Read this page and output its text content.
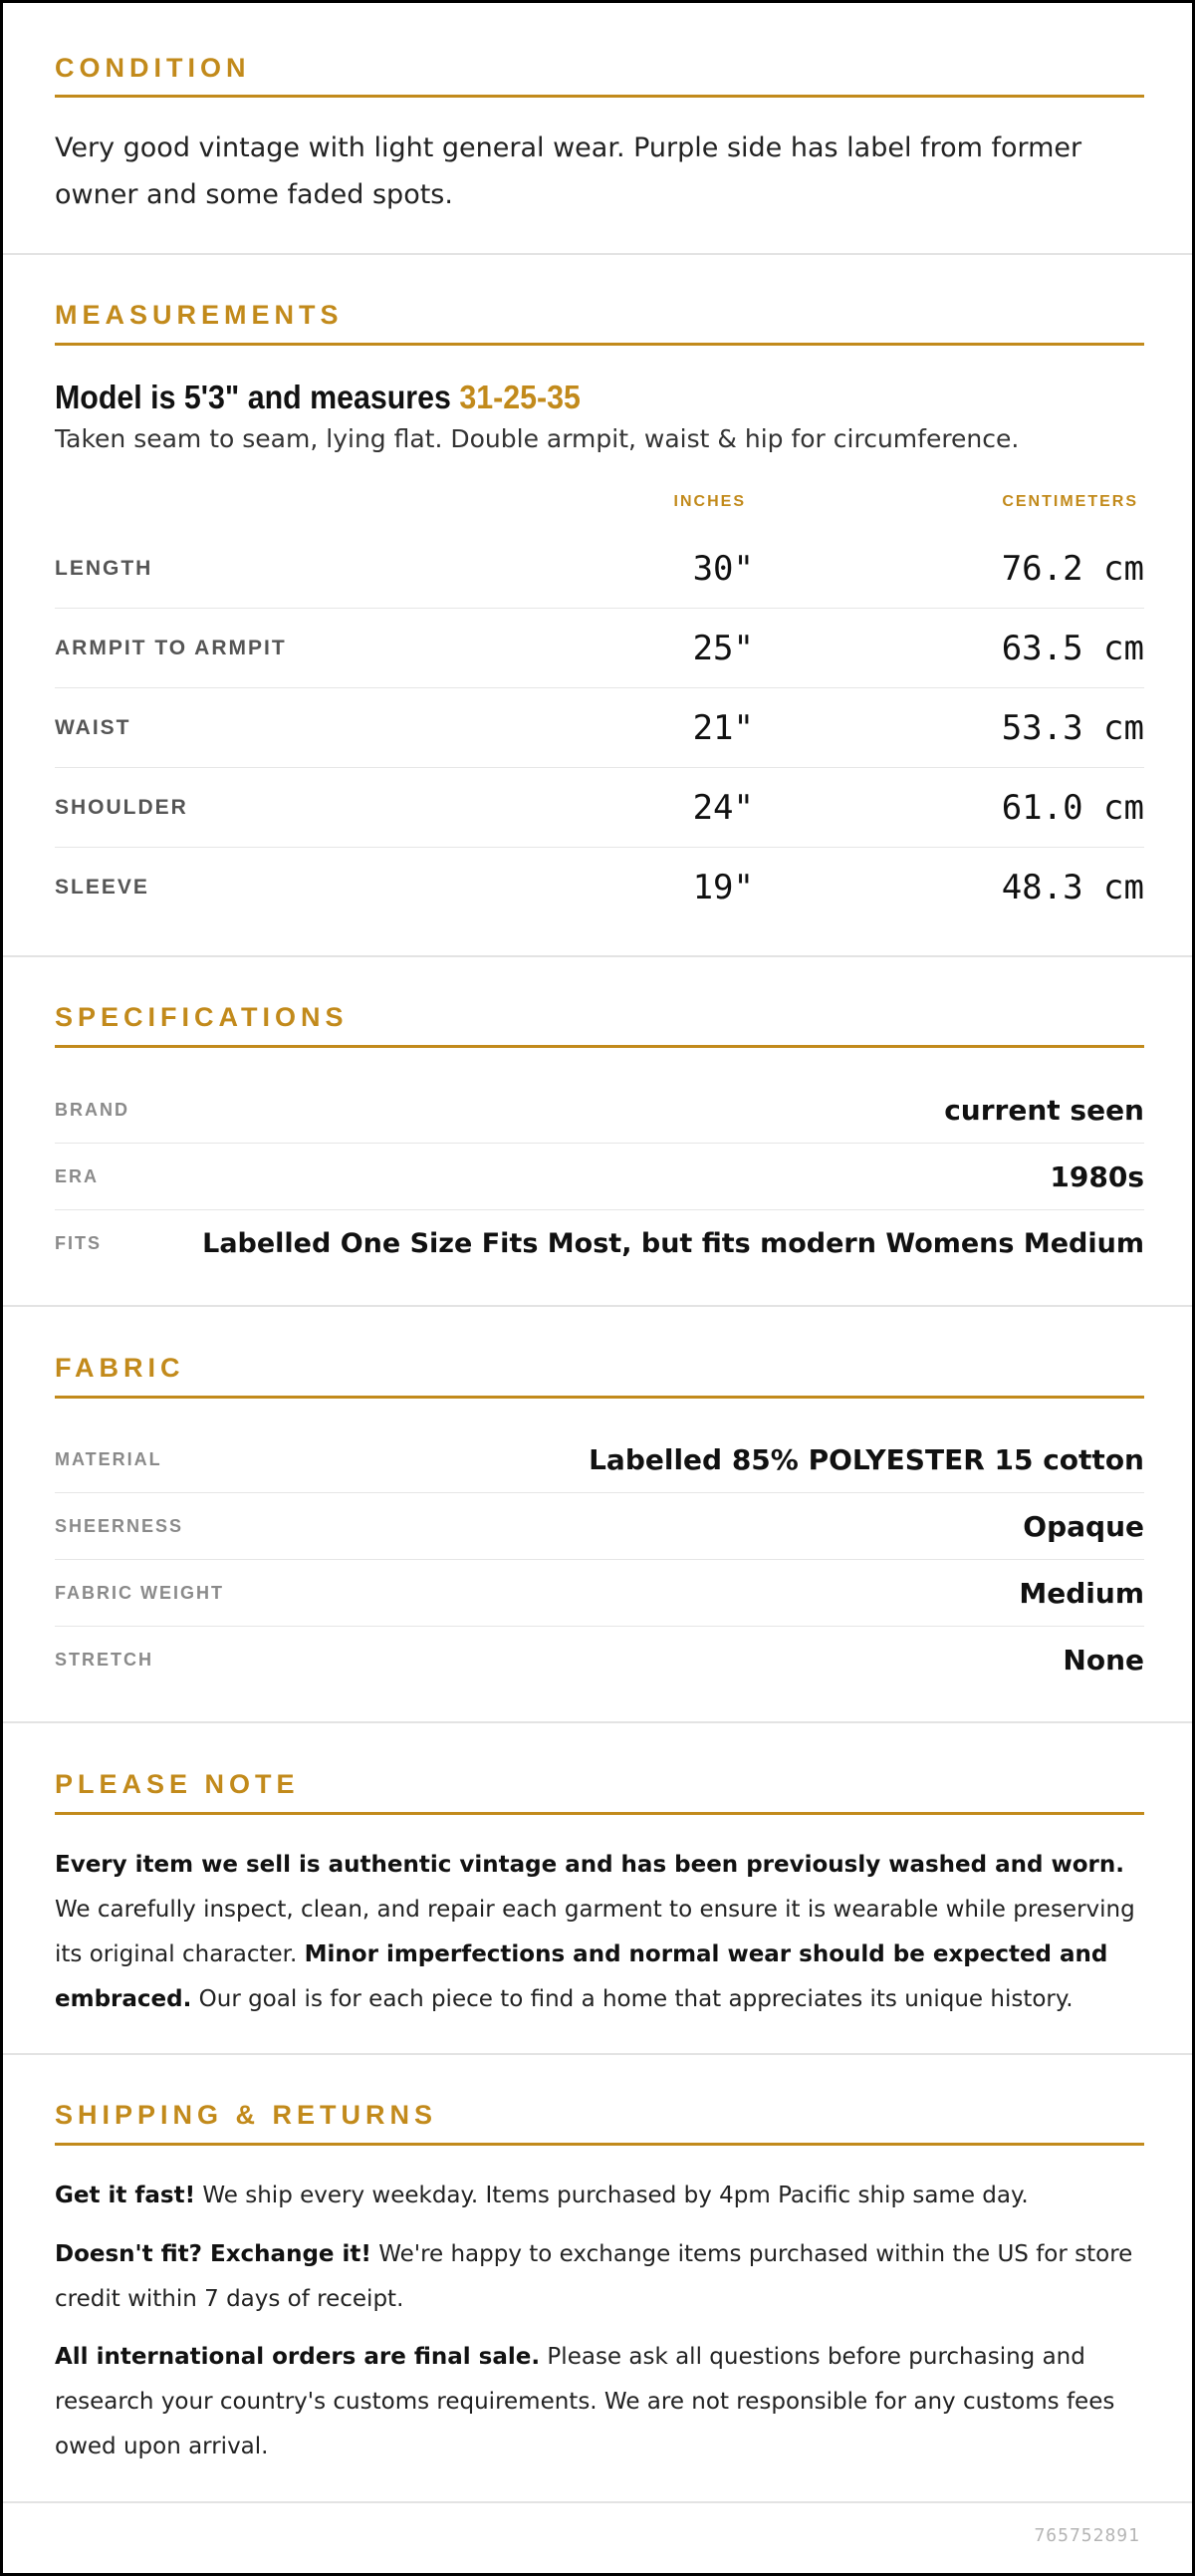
CONDITION
Very good vintage with light general wear. Purple side has label from former owner and some faded spots.
MEASUREMENTS
Model is 5'3" and measures 31-25-35
Taken seam to seam, lying flat. Double armpit, waist & hip for circumference.
INCHES	CENTIMETERS
LENGTH	30"	76.2 cm
ARMPIT TO ARMPIT	25"	63.5 cm
WAIST	21"	53.3 cm
SHOULDER	24"	61.0 cm
SLEEVE	19"	48.3 cm
SPECIFICATIONS
BRAND	current seen
ERA	1980s
FITS	Labelled One Size Fits Most, but fits modern Womens Medium
FABRIC
MATERIAL	Labelled 85% POLYESTER 15 cotton
SHEERNESS	Opaque
FABRIC WEIGHT	Medium
STRETCH	None
PLEASE NOTE
Every item we sell is authentic vintage and has been previously washed and worn. We carefully inspect, clean, and repair each garment to ensure it is wearable while preserving its original character. Minor imperfections and normal wear should be expected and embraced. Our goal is for each piece to find a home that appreciates its unique history.
SHIPPING & RETURNS
Get it fast! We ship every weekday. Items purchased by 4pm Pacific ship same day.
Doesn't fit? Exchange it! We're happy to exchange items purchased within the US for store credit within 7 days of receipt.
All international orders are final sale. Please ask all questions before purchasing and research your country's customs requirements. We are not responsible for any customs fees owed upon arrival.
765752891
